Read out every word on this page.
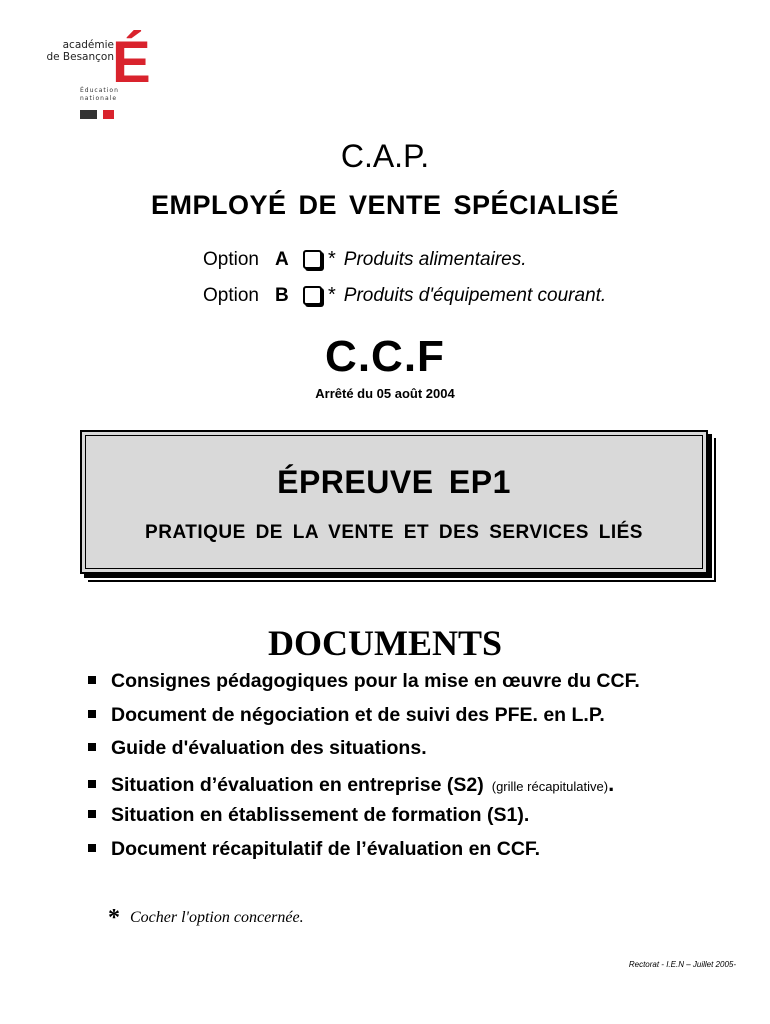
É
académie
de Besançon
Éducation
nationale
C.A.P.
EMPLOYÉ DE VENTE SPÉCIALISÉ
Option A	* Produits alimentaires.
Option B	* Produits d'équipement courant.
C.C.F
Arrêté du 05 août 2004
ÉPREUVE EP1
PRATIQUE DE LA VENTE ET DES SERVICES LIÉS
DOCUMENTS
Consignes pédagogiques pour la mise en œuvre du CCF.
Document de négociation et de suivi des PFE. en L.P.
Guide d'évaluation des situations.
Situation d’évaluation en entreprise (S2) (grille récapitulative) .
Situation en établissement de formation (S1).
Document récapitulatif de l’évaluation en CCF.
* Cocher l'option concernée.
Rectorat - I.E.N – Juillet 2005-
